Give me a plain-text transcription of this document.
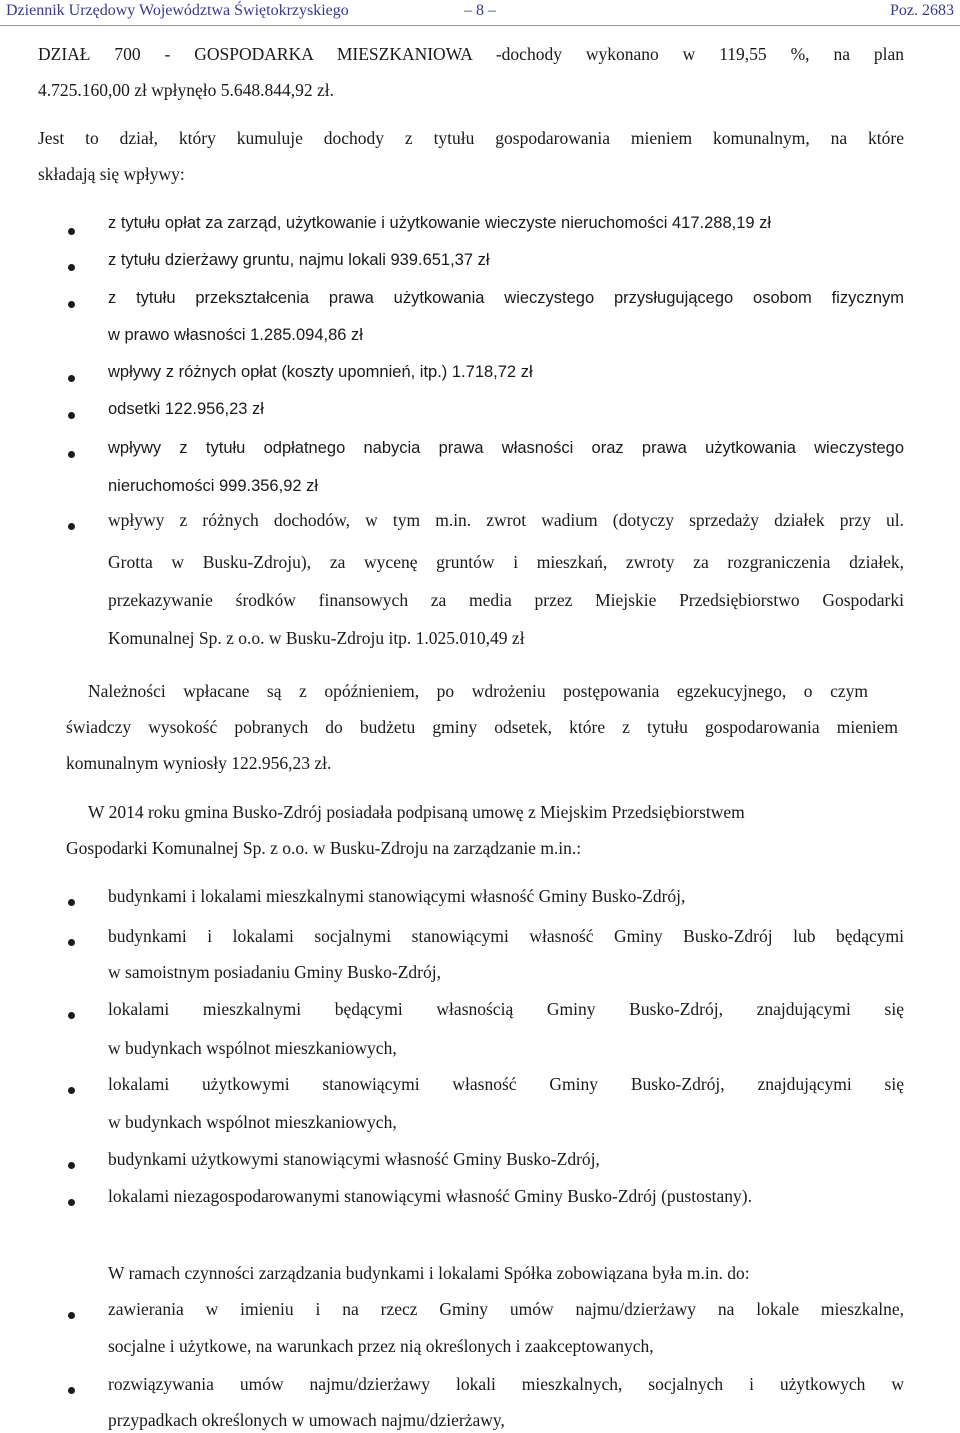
Dziennik Urzędowy Województwa Świętokrzyskiego	– 8 –	Poz. 2683
DZIAŁ 700 - GOSPODARKA MIESZKANIOWA -dochody wykonano w 119,55 %, na plan
4.725.160,00 zł wpłynęło 5.648.844,92 zł.
Jest to dział, który kumuluje dochody z tytułu gospodarowania mieniem komunalnym, na które
składają się wpływy:
z tytułu opłat za zarząd, użytkowanie i użytkowanie wieczyste nieruchomości 417.288,19 zł
z tytułu dzierżawy gruntu, najmu lokali 939.651,37 zł
z tytułu przekształcenia prawa użytkowania wieczystego przysługującego osobom fizycznym
w prawo własności 1.285.094,86 zł
wpływy z różnych opłat (koszty upomnień, itp.) 1.718,72 zł
odsetki 122.956,23 zł
wpływy z tytułu odpłatnego nabycia prawa własności oraz prawa użytkowania wieczystego
nieruchomości 999.356,92 zł
wpływy z różnych dochodów, w tym m.in. zwrot wadium (dotyczy sprzedaży działek przy ul.
Grotta w Busku-Zdroju), za wycenę gruntów i mieszkań, zwroty za rozgraniczenia działek,
przekazywanie środków finansowych za media przez Miejskie Przedsiębiorstwo Gospodarki
Komunalnej Sp. z o.o. w Busku-Zdroju itp. 1.025.010,49 zł
Należności wpłacane są z opóźnieniem, po wdrożeniu postępowania egzekucyjnego, o czym
świadczy wysokość pobranych do budżetu gminy odsetek, które z tytułu gospodarowania mieniem
komunalnym wyniosły 122.956,23 zł.
W 2014 roku gmina Busko-Zdrój posiadała podpisaną umowę z Miejskim Przedsiębiorstwem
Gospodarki Komunalnej Sp. z o.o. w Busku-Zdroju na zarządzanie m.in.:
budynkami i lokalami mieszkalnymi stanowiącymi własność Gminy Busko-Zdrój,
budynkami i lokalami socjalnymi stanowiącymi własność Gminy Busko-Zdrój lub będącymi
w samoistnym posiadaniu Gminy Busko-Zdrój,
lokalami mieszkalnymi będącymi własnością Gminy Busko-Zdrój, znajdującymi się
w budynkach wspólnot mieszkaniowych,
lokalami użytkowymi stanowiącymi własność Gminy Busko-Zdrój, znajdującymi się
w budynkach wspólnot mieszkaniowych,
budynkami użytkowymi stanowiącymi własność Gminy Busko-Zdrój,
lokalami niezagospodarowanymi stanowiącymi własność Gminy Busko-Zdrój (pustostany).
W ramach czynności zarządzania budynkami i lokalami Spółka zobowiązana była m.in. do:
zawierania w imieniu i na rzecz Gminy umów najmu/dzierżawy na lokale mieszkalne,
socjalne i użytkowe, na warunkach przez nią określonych i zaakceptowanych,
rozwiązywania umów najmu/dzierżawy lokali mieszkalnych, socjalnych i użytkowych w
przypadkach określonych w umowach najmu/dzierżawy,
